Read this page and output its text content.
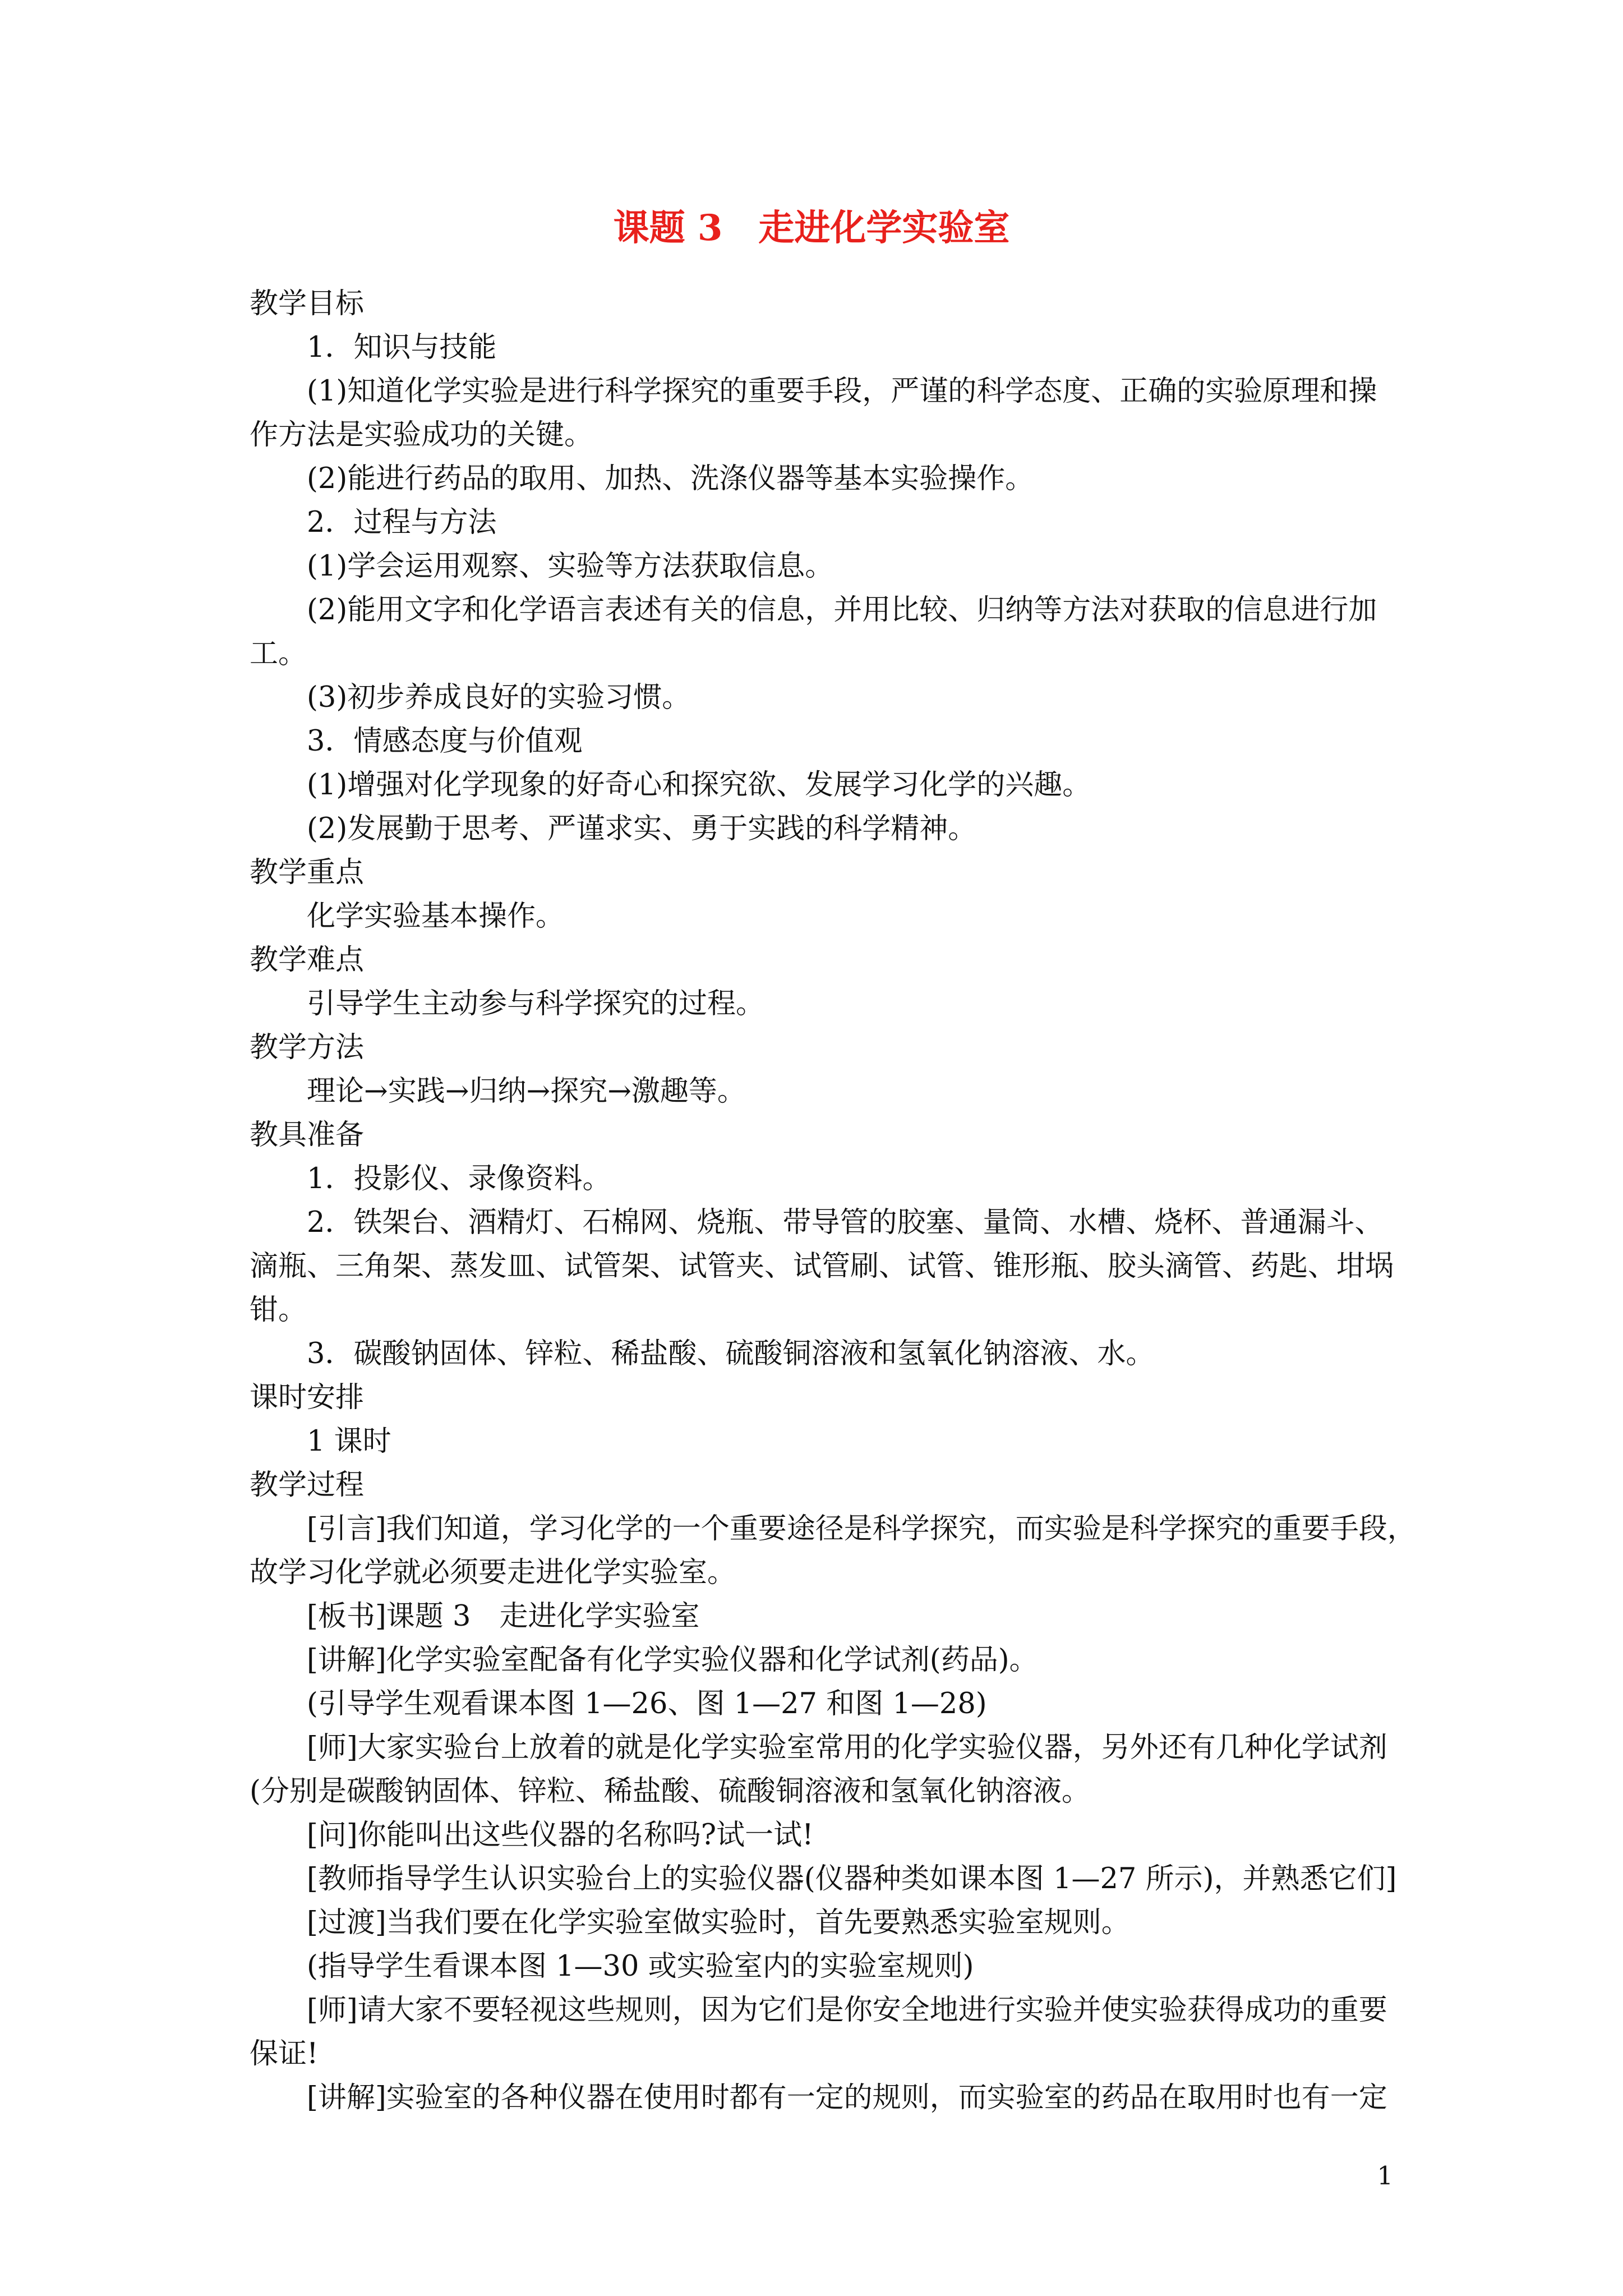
课题 3　走进化学实验室

教学目标

1．知识与技能

(1)知道化学实验是进行科学探究的重要手段，严谨的科学态度、正确的实验原理和操

作方法是实验成功的关键。

(2)能进行药品的取用、加热、洗涤仪器等基本实验操作。

2．过程与方法

(1)学会运用观察、实验等方法获取信息。

(2)能用文字和化学语言表述有关的信息，并用比较、归纳等方法对获取的信息进行加

工。

(3)初步养成良好的实验习惯。

3．情感态度与价值观

(1)增强对化学现象的好奇心和探究欲、发展学习化学的兴趣。

(2)发展勤于思考、严谨求实、勇于实践的科学精神。

教学重点

化学实验基本操作。

教学难点

引导学生主动参与科学探究的过程。

教学方法

理论→实践→归纳→探究→激趣等。

教具准备

1．投影仪、录像资料。

2．铁架台、酒精灯、石棉网、烧瓶、带导管的胶塞、量筒、水槽、烧杯、普通漏斗、

滴瓶、三角架、蒸发皿、试管架、试管夹、试管刷、试管、锥形瓶、胶头滴管、药匙、坩埚

钳。

3．碳酸钠固体、锌粒、稀盐酸、硫酸铜溶液和氢氧化钠溶液、水。

课时安排

1 课时

教学过程

[引言]我们知道，学习化学的一个重要途径是科学探究，而实验是科学探究的重要手段，

故学习化学就必须要走进化学实验室。

[板书]课题 3　走进化学实验室

[讲解]化学实验室配备有化学实验仪器和化学试剂(药品)。

(引导学生观看课本图 1—26、图 1—27 和图 1—28)

[师]大家实验台上放着的就是化学实验室常用的化学实验仪器，另外还有几种化学试剂

(分别是碳酸钠固体、锌粒、稀盐酸、硫酸铜溶液和氢氧化钠溶液。

[问]你能叫出这些仪器的名称吗?试一试!

[教师指导学生认识实验台上的实验仪器(仪器种类如课本图 1—27 所示)，并熟悉它们]

[过渡]当我们要在化学实验室做实验时，首先要熟悉实验室规则。

(指导学生看课本图 1—30 或实验室内的实验室规则)

[师]请大家不要轻视这些规则，因为它们是你安全地进行实验并使实验获得成功的重要

保证!

[讲解]实验室的各种仪器在使用时都有一定的规则，而实验室的药品在取用时也有一定

1
